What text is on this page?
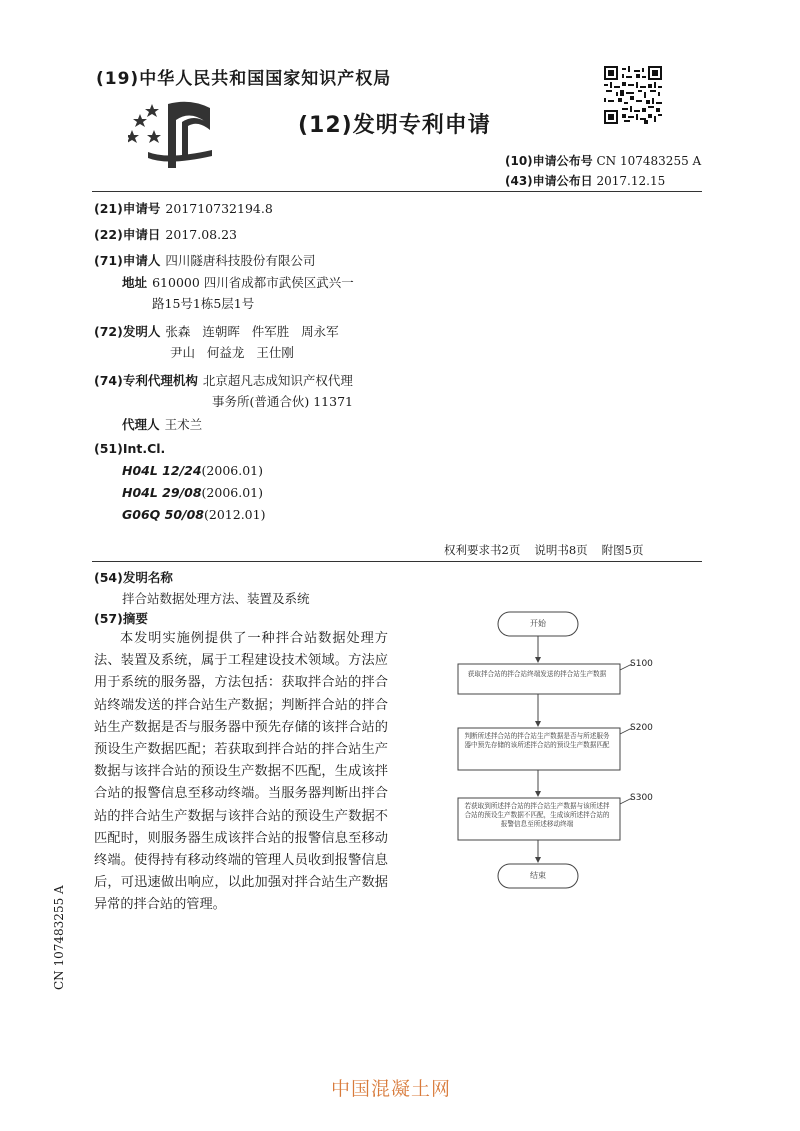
(19)中华人民共和国国家知识产权局
(12)发明专利申请
(10)申请公布号 CN 107483255 A
(43)申请公布日 2017.12.15
(21)申请号 201710732194.8
(22)申请日 2017.08.23
(71)申请人 四川隧唐科技股份有限公司
地址 610000 四川省成都市武侯区武兴一
路15号1栋5层1号
(72)发明人 张森   连朝晖   件军胜   周永军
尹山   何益龙   王仕刚
(74)专利代理机构 北京超凡志成知识产权代理
事务所(普通合伙) 11371
代理人 王术兰
(51)Int.Cl.
H04L 12/24(2006.01)
H04L 29/08(2006.01)
G06Q 50/08(2012.01)
权利要求书2页 说明书8页 附图5页
(54)发明名称
拌合站数据处理方法、装置及系统
(57)摘要
本发明实施例提供了一种拌合站数据处理方法、装置及系统，属于工程建设技术领域。方法应用于系统的服务器，方法包括：获取拌合站的拌合站终端发送的拌合站生产数据；判断拌合站的拌合站生产数据是否与服务器中预先存储的该拌合站的预设生产数据匹配；若获取到拌合站的拌合站生产数据与该拌合站的预设生产数据不匹配，生成该拌合站的报警信息至移动终端。当服务器判断出拌合站的拌合站生产数据与该拌合站的预设生产数据不匹配时，则服务器生成该拌合站的报警信息至移动终端。使得持有移动终端的管理人员收到报警信息后，可迅速做出响应，以此加强对拌合站生产数据异常的拌合站的管理。
开始
获取拌合站的拌合站终端发送的拌合站生产数据
S100
判断所述拌合站的拌合站生产数据是否与所述服务器中预先存储的该所述拌合站的预设生产数据匹配
S200
若获取到所述拌合站的拌合站生产数据与该所述拌合站的预设生产数据不匹配，生成该所述拌合站的报警信息至所述移动终端
S300
结束
CN 107483255 A
中国混凝土网
